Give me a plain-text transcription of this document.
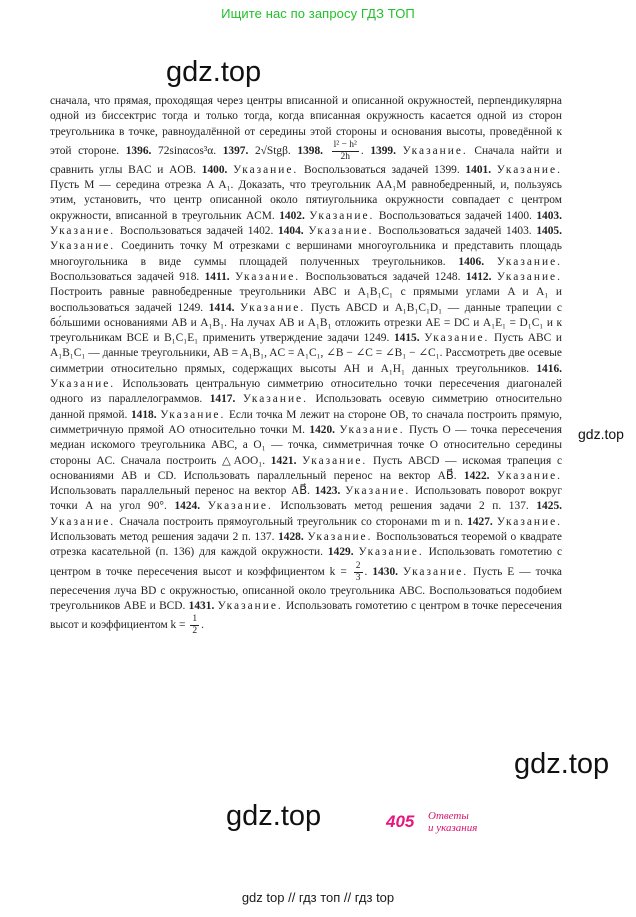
Ищите нас по запросу ГДЗ ТОП
gdz.top
gdz.top
gdz.top
gdz.top

сначала, что прямая, проходящая через центры вписанной и описанной окружностей, перпендикулярна одной из биссектрис тогда и только тогда, когда вписанная окружность касается одной из сторон треугольника в точке, равноудалённой от середины этой стороны и основания высоты, проведённой к этой стороне. 1396. 72sinαcos³α. 1397. 2√Stgβ. 1398. $\frac{\text{l² − h²}}{2h}$ . 1399. Указание. Сначала найти и сравнить углы BAC и AOB. 1400. Указание. Воспользоваться задачей 1399. 1401. Указание. Пусть M — середина отрезка A A₁. Доказать, что треугольник AA₁M равнобедренный, и, пользуясь этим, установить, что центр описанной около пятиугольника окружности совпадает с центром окружности, вписанной в треугольник ACM. 1402. Указание. Воспользоваться задачей 1400. 1403. Указание. Воспользоваться задачей 1402. 1404. Указание. Воспользоваться задачей 1403. 1405. Указание. Соединить точку M отрезками с вершинами многоугольника и представить площадь многоугольника в виде суммы площадей полученных треугольников. 1406. Указание. Воспользоваться задачей 918. 1411. Указание. Воспользоваться задачей 1248. 1412. Указание. Построить равные равнобедренные треугольники ABC и A₁B₁C₁ с прямыми углами A и A₁ и воспользоваться задачей 1249. 1414. Указание. Пусть ABCD и A₁B₁C₁D₁ — данные трапеции с бо́льшими основаниями AB и A₁B₁. На лучах AB и A₁B₁ отложить отрезки AE = DC и A₁E₁ = D₁C₁ и к треугольникам BCE и B₁C₁E₁ применить утверждение задачи 1249. 1415. Указание. Пусть ABC и A₁B₁C₁ — данные треугольники, AB = A₁B₁, AC = A₁C₁, ∠B − ∠C = ∠B₁ − ∠C₁. Рассмотреть две осевые симметрии относительно прямых, содержащих высоты AH и A₁H₁ данных треугольников. 1416. Указание. Использовать центральную симметрию относительно точки пересечения диагоналей одного из параллелограммов. 1417. Указание. Использовать осевую симметрию относительно данной прямой. 1418. Указание. Если точка M лежит на стороне OB, то сначала построить прямую, симметричную прямой AO относительно точки M. 1420. Указание. Пусть O — точка пересечения медиан искомого треугольника ABC, а O₁ — точка, симметричная точке O относительно середины стороны AC. Сначала построить △AOO₁. 1421. Указание. Пусть ABCD — искомая трапеция с основаниями AB и CD. Использовать параллельный перенос на вектор AB⃗. 1422. Указание. Использовать параллельный перенос на вектор AB⃗. 1423. Указание. Использовать поворот вокруг точки A на угол 90°. 1424. Указание. Использовать метод решения задачи 2 п. 137. 1425. Указание. Сначала построить прямоугольный треугольник со сторонами m и n. 1427. Указание. Использовать метод решения задачи 2 п. 137. 1428. Указание. Воспользоваться теоремой о квадрате отрезка касательной (п. 136) для каждой окружности. 1429. Указание. Использовать гомотетию с центром в точке пересечения высот и коэффициентом $k = \frac{2}{3}$ . 1430. Указание. Пусть E — точка пересечения луча BD с окружностью, описанной около треугольника ABC. Воспользоваться подобием треугольников ABE и BCD. 1431. Указание. Использовать гомотетию с центром в точке пересечения высот и коэффициентом $k = \frac{1}{2}$ .

405 Ответы
и указания
gdz top // гдз топ // гдз top
